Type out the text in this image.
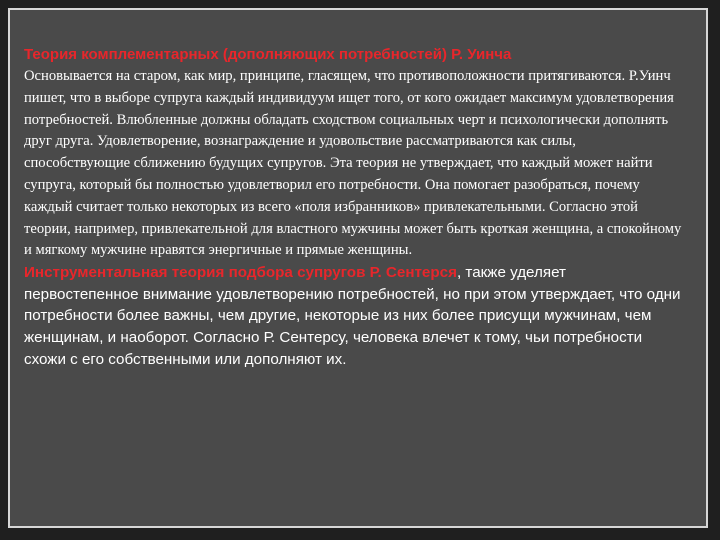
Теория комплементарных (дополняющих потребностей) Р. Уинча

Основывается на старом, как мир, принципе, гласящем, что противоположности притягиваются. Р.Уинч пишет, что в выборе супруга каждый индивидуум ищет того, от кого ожидает максимум удовлетворения потребностей. Влюбленные должны обладать сходством социальных черт и психологически дополнять друг друга. Удовлетворение, вознаграждение и удовольствие рассматриваются как силы, способствующие сближению будущих супругов. Эта теория не утверждает, что каждый может найти супруга, который бы полностью удовлетворил его потребности. Она помогает разобраться, почему каждый считает только некоторых из всего «поля избранников» привлекательными. Согласно этой теории, например, привлекательной для властного мужчины может быть кроткая женщина, а спокойному и мягкому мужчине нравятся энергичные и прямые женщины.

Инструментальная теория подбора супругов Р. Сентерся, также уделяет первостепенное внимание удовлетворению потребностей, но при этом утверждает, что одни потребности более важны, чем другие, некоторые из них более присущи мужчинам, чем женщинам, и наоборот. Согласно Р. Сентерсу, человека влечет к тому, чьи потребности схожи с его собственными или дополняют их.
